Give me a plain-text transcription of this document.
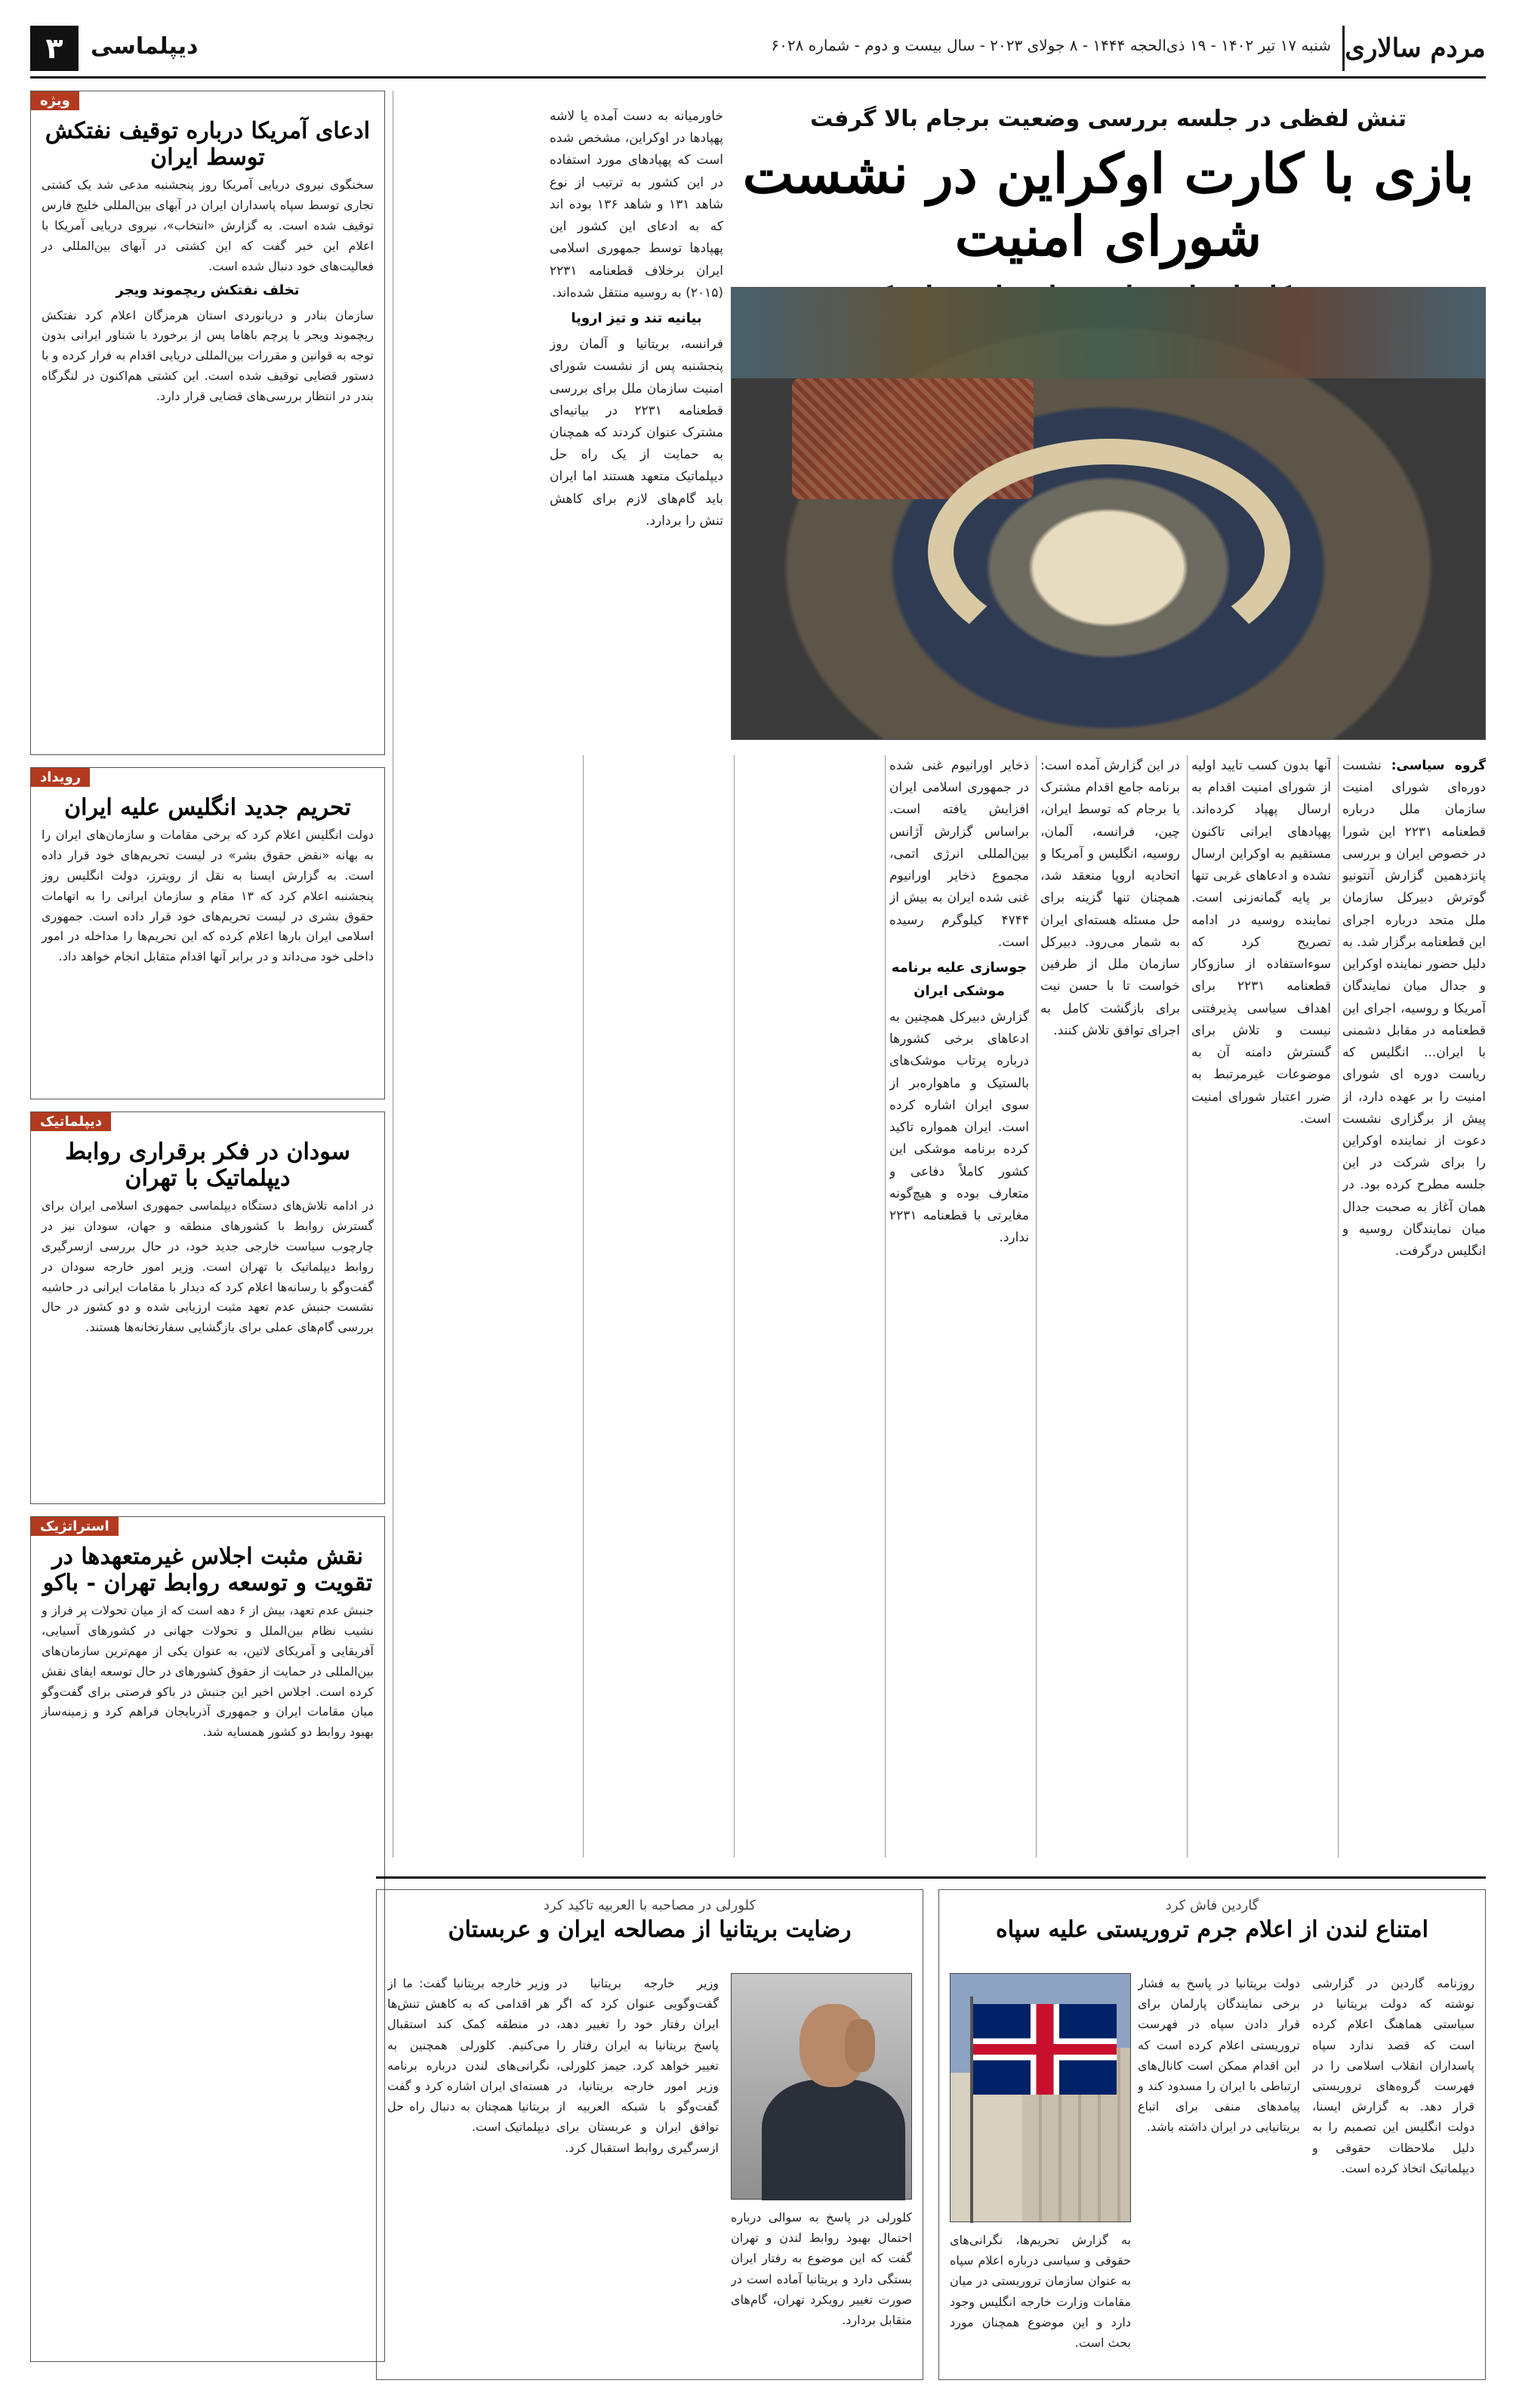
مردم سالاری
شنبه ۱۷ تیر ۱۴۰۲ - ۱۹ ذی‌الحجه ۱۴۴۴ - ۸ جولای ۲۰۲۳ - سال بیست و دوم - شماره ۶۰۲۸
دیپلماسی
۳
تنش لفظی در جلسه بررسی وضعیت برجام بالا گرفت
بازی با کارت اوکراین در نشست شورای امنیت
گروه سیاسی: نشست دوره‌ای شورای امنیت سازمان ملل درباره قطعنامه ۲۲۳۱ این شورا در خصوص ایران و بررسی پانزدهمین گزارش آنتونیو گوترش دبیرکل سازمان ملل متحد درباره اجرای این قطعنامه برگزار شد. به دلیل حضور نماینده اوکراین و جدال میان نمایندگان آمریکا و روسیه، اجرای این قطعنامه در مقابل دشمنی با ایران... انگلیس که ریاست دوره ای شورای امنیت را بر عهده دارد، از پیش از برگزاری نشست دعوت از نماینده اوکراین را برای شرکت در این جلسه مطرح کرده بود. در همان آغاز به صحبت جدال میان نمایندگان روسیه و انگلیس درگرفت.
آنها بدون کسب تایید اولیه از شورای امنیت اقدام به ارسال پهپاد کرده‌اند. پهپادهای ایرانی تاکنون مستقیم به اوکراین ارسال نشده و ادعاهای غربی تنها بر پایه گمانه‌زنی است. نماینده روسیه در ادامه تصریح کرد که سوءاستفاده از سازوکار قطعنامه ۲۲۳۱ برای اهداف سیاسی پذیرفتنی نیست و تلاش برای گسترش دامنه آن به موضوعات غیرمرتبط به ضرر اعتبار شورای امنیت است.
در این گزارش آمده است: برنامه جامع اقدام مشترک یا برجام که توسط ایران، چین، فرانسه، آلمان، روسیه، انگلیس و آمریکا و اتحادیه اروپا منعقد شد، همچنان تنها گزینه برای حل مسئله هسته‌ای ایران به شمار می‌رود. دبیرکل سازمان ملل از طرفین خواست تا با حسن نیت برای بازگشت کامل به اجرای توافق تلاش کنند.
ذخایر اورانیوم غنی شده در جمهوری اسلامی ایران افزایش یافته است. براساس گزارش آژانس بین‌المللی انرژی اتمی، مجموع ذخایر اورانیوم غنی شده ایران به بیش از ۴۷۴۴ کیلوگرم رسیده است.
جوسازی علیه برنامه موشکی ایران
گزارش دبیرکل همچنین به ادعاهای برخی کشورها درباره پرتاب موشک‌های بالستیک و ماهواره‌بر از سوی ایران اشاره کرده است. ایران همواره تاکید کرده برنامه موشکی این کشور کاملاً دفاعی و متعارف بوده و هیچ‌گونه مغایرتی با قطعنامه ۲۲۳۱ ندارد.
خاورمیانه به دست آمده یا لاشه پهپادها در اوکراین، مشخص شده است که پهپادهای مورد استفاده در این کشور به ترتیب از نوع شاهد ۱۳۱ و شاهد ۱۳۶ بوده اند که به ادعای این کشور این پهپادها توسط جمهوری اسلامی ایران برخلاف قطعنامه ۲۲۳۱ (۲۰۱۵) به روسیه منتقل شده‌اند.
بیانیه تند و تیز اروپا
فرانسه، بریتانیا و آلمان روز پنجشنبه پس از نشست شورای امنیت سازمان ملل برای بررسی قطعنامه ۲۲۳۱ در بیانیه‌ای مشترک عنوان کردند که همچنان به حمایت از یک راه حل دیپلماتیک متعهد هستند اما ایران باید گام‌های لازم برای کاهش تنش را بردارد.
ویژه
ادعای آمریکا درباره توقیف نفتکش توسط ایران
سخنگوی نیروی دریایی آمریکا روز پنجشنبه مدعی شد یک کشتی تجاری توسط سپاه پاسداران ایران در آبهای بین‌المللی خلیج فارس توقیف شده است. به گزارش «انتخاب»، نیروی دریایی آمریکا با اعلام این خبر گفت که این کشتی در آبهای بین‌المللی در فعالیت‌های خود دنبال شده است.
تخلف نفتکش ریچموند ویجر
سازمان بنادر و دریانوردی استان هرمزگان اعلام کرد نفتکش ریچموند ویجر با پرچم باهاما پس از برخورد با شناور ایرانی بدون توجه به قوانین و مقررات بین‌المللی دریایی اقدام به فرار کرده و با دستور قضایی توقیف شده است. این کشتی هم‌اکنون در لنگرگاه بندر در انتظار بررسی‌های قضایی قرار دارد.
رویداد
تحریم جدید انگلیس علیه ایران
دولت انگلیس اعلام کرد که برخی مقامات و سازمان‌های ایران را به بهانه «نقض حقوق بشر» در لیست تحریم‌های خود قرار داده است. به گزارش ایسنا به نقل از رویترز، دولت انگلیس روز پنجشنبه اعلام کرد که ۱۳ مقام و سازمان ایرانی را به اتهامات حقوق بشری در لیست تحریم‌های خود قرار داده است. جمهوری اسلامی ایران بارها اعلام کرده که این تحریم‌ها را مداخله در امور داخلی خود می‌داند و در برابر آنها اقدام متقابل انجام خواهد داد.
دیپلماتیک
سودان در فکر برقراری روابط دیپلماتیک با تهران
در ادامه تلاش‌های دستگاه دیپلماسی جمهوری اسلامی ایران برای گسترش روابط با کشورهای منطقه و جهان، سودان نیز در چارچوب سیاست خارجی جدید خود، در حال بررسی ازسرگیری روابط دیپلماتیک با تهران است. وزیر امور خارجه سودان در گفت‌وگو با رسانه‌ها اعلام کرد که دیدار با مقامات ایرانی در حاشیه نشست جنبش عدم تعهد مثبت ارزیابی شده و دو کشور در حال بررسی گام‌های عملی برای بازگشایی سفارتخانه‌ها هستند.
استراتژیک
نقش مثبت اجلاس غیرمتعهدها در تقویت و توسعه روابط تهران - باکو
جنبش عدم تعهد، بیش از ۶ دهه است که از میان تحولات پر فراز و نشیب نظام بین‌الملل و تحولات جهانی در کشورهای آسیایی، آفریقایی و آمریکای لاتین، به عنوان یکی از مهم‌ترین سازمان‌های بین‌المللی در حمایت از حقوق کشورهای در حال توسعه ایفای نقش کرده است. اجلاس اخیر این جنبش در باکو فرصتی برای گفت‌وگو میان مقامات ایران و جمهوری آذربایجان فراهم کرد و زمینه‌ساز بهبود روابط دو کشور همسایه شد.
گاردین فاش کرد
امتناع لندن از اعلام جرم تروریستی علیه سپاه
روزنامه گاردین در گزارشی نوشته که دولت بریتانیا در سیاستی هماهنگ اعلام کرده است که قصد ندارد سپاه پاسداران انقلاب اسلامی را در فهرست گروه‌های تروریستی قرار دهد. به گزارش ایسنا، دولت انگلیس این تصمیم را به دلیل ملاحظات حقوقی و دیپلماتیک اتخاذ کرده است.
دولت بریتانیا در پاسخ به فشار برخی نمایندگان پارلمان برای قرار دادن سپاه در فهرست تروریستی اعلام کرده است که این اقدام ممکن است کانال‌های ارتباطی با ایران را مسدود کند و پیامدهای منفی برای اتباع بریتانیایی در ایران داشته باشد.
به گزارش تحریم‌ها، نگرانی‌های حقوقی و سیاسی درباره اعلام سپاه به عنوان سازمان تروریستی در میان مقامات وزارت خارجه انگلیس وجود دارد و این موضوع همچنان مورد بحث است.
کلورلی در مصاحبه با العربیه تاکید کرد
رضایت بریتانیا از مصالحه ایران و عربستان
وزیر خارجه بریتانیا در گفت‌وگویی عنوان کرد که اگر ایران رفتار خود را تغییر دهد، پاسخ بریتانیا به ایران رفتار را تغییر خواهد کرد. جیمز کلورلی، وزیر امور خارجه بریتانیا، در گفت‌وگو با شبکه العربیه از توافق ایران و عربستان برای ازسرگیری روابط استقبال کرد.
وزیر خارجه بریتانیا گفت: ما از هر اقدامی که به کاهش تنش‌ها در منطقه کمک کند استقبال می‌کنیم. کلورلی همچنین به نگرانی‌های لندن درباره برنامه هسته‌ای ایران اشاره کرد و گفت بریتانیا همچنان به دنبال راه حل دیپلماتیک است.
کلورلی در پاسخ به سوالی درباره احتمال بهبود روابط لندن و تهران گفت که این موضوع به رفتار ایران بستگی دارد و بریتانیا آماده است در صورت تغییر رویکرد تهران، گام‌های متقابل بردارد.
